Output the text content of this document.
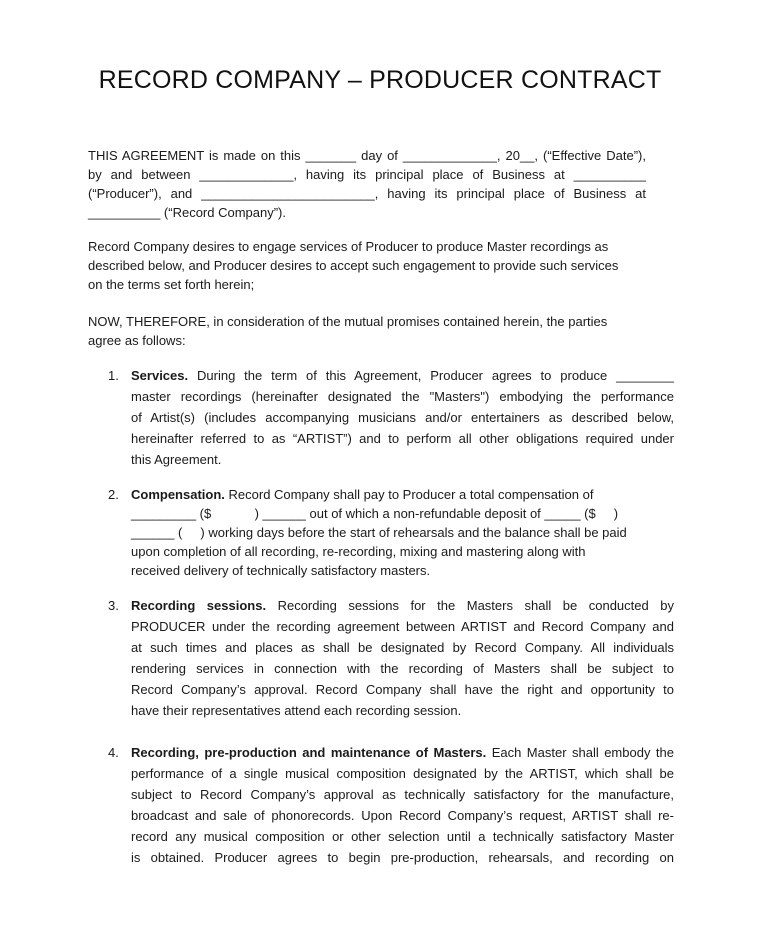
RECORD COMPANY – PRODUCER CONTRACT
THIS AGREEMENT is made on this _______ day of _____________, 20__, (“Effective Date”),
by and between _____________, having its principal place of Business at __________
(“Producer”), and ________________________, having its principal place of Business at
__________ (“Record Company”).
Record Company desires to engage services of Producer to produce Master recordings as
described below, and Producer desires to accept such engagement to provide such services
on the terms set forth herein;
NOW, THEREFORE, in consideration of the mutual promises contained herein, the parties
agree as follows:
1. Services. During the term of this Agreement, Producer agrees to produce ________
master recordings (hereinafter designated the "Masters") embodying the performance
of Artist(s) (includes accompanying musicians and/or entertainers as described below,
hereinafter referred to as “ARTIST”) and to perform all other obligations required under
this Agreement.
2. Compensation. Record Company shall pay to Producer a total compensation of
_________ ($            ) ______ out of which a non-refundable deposit of _____ ($     )
______ (     ) working days before the start of rehearsals and the balance shall be paid
upon completion of all recording, re-recording, mixing and mastering along with
received delivery of technically satisfactory masters.
3. Recording sessions. Recording sessions for the Masters shall be conducted by
PRODUCER under the recording agreement between ARTIST and Record Company and
at such times and places as shall be designated by Record Company. All individuals
rendering services in connection with the recording of Masters shall be subject to
Record Company’s approval. Record Company shall have the right and opportunity to
have their representatives attend each recording session.
4. Recording, pre-production and maintenance of Masters. Each Master shall embody the
performance of a single musical composition designated by the ARTIST, which shall be
subject to Record Company’s approval as technically satisfactory for the manufacture,
broadcast and sale of phonorecords. Upon Record Company’s request, ARTIST shall re-
record any musical composition or other selection until a technically satisfactory Master
is obtained. Producer agrees to begin pre-production, rehearsals, and recording on
